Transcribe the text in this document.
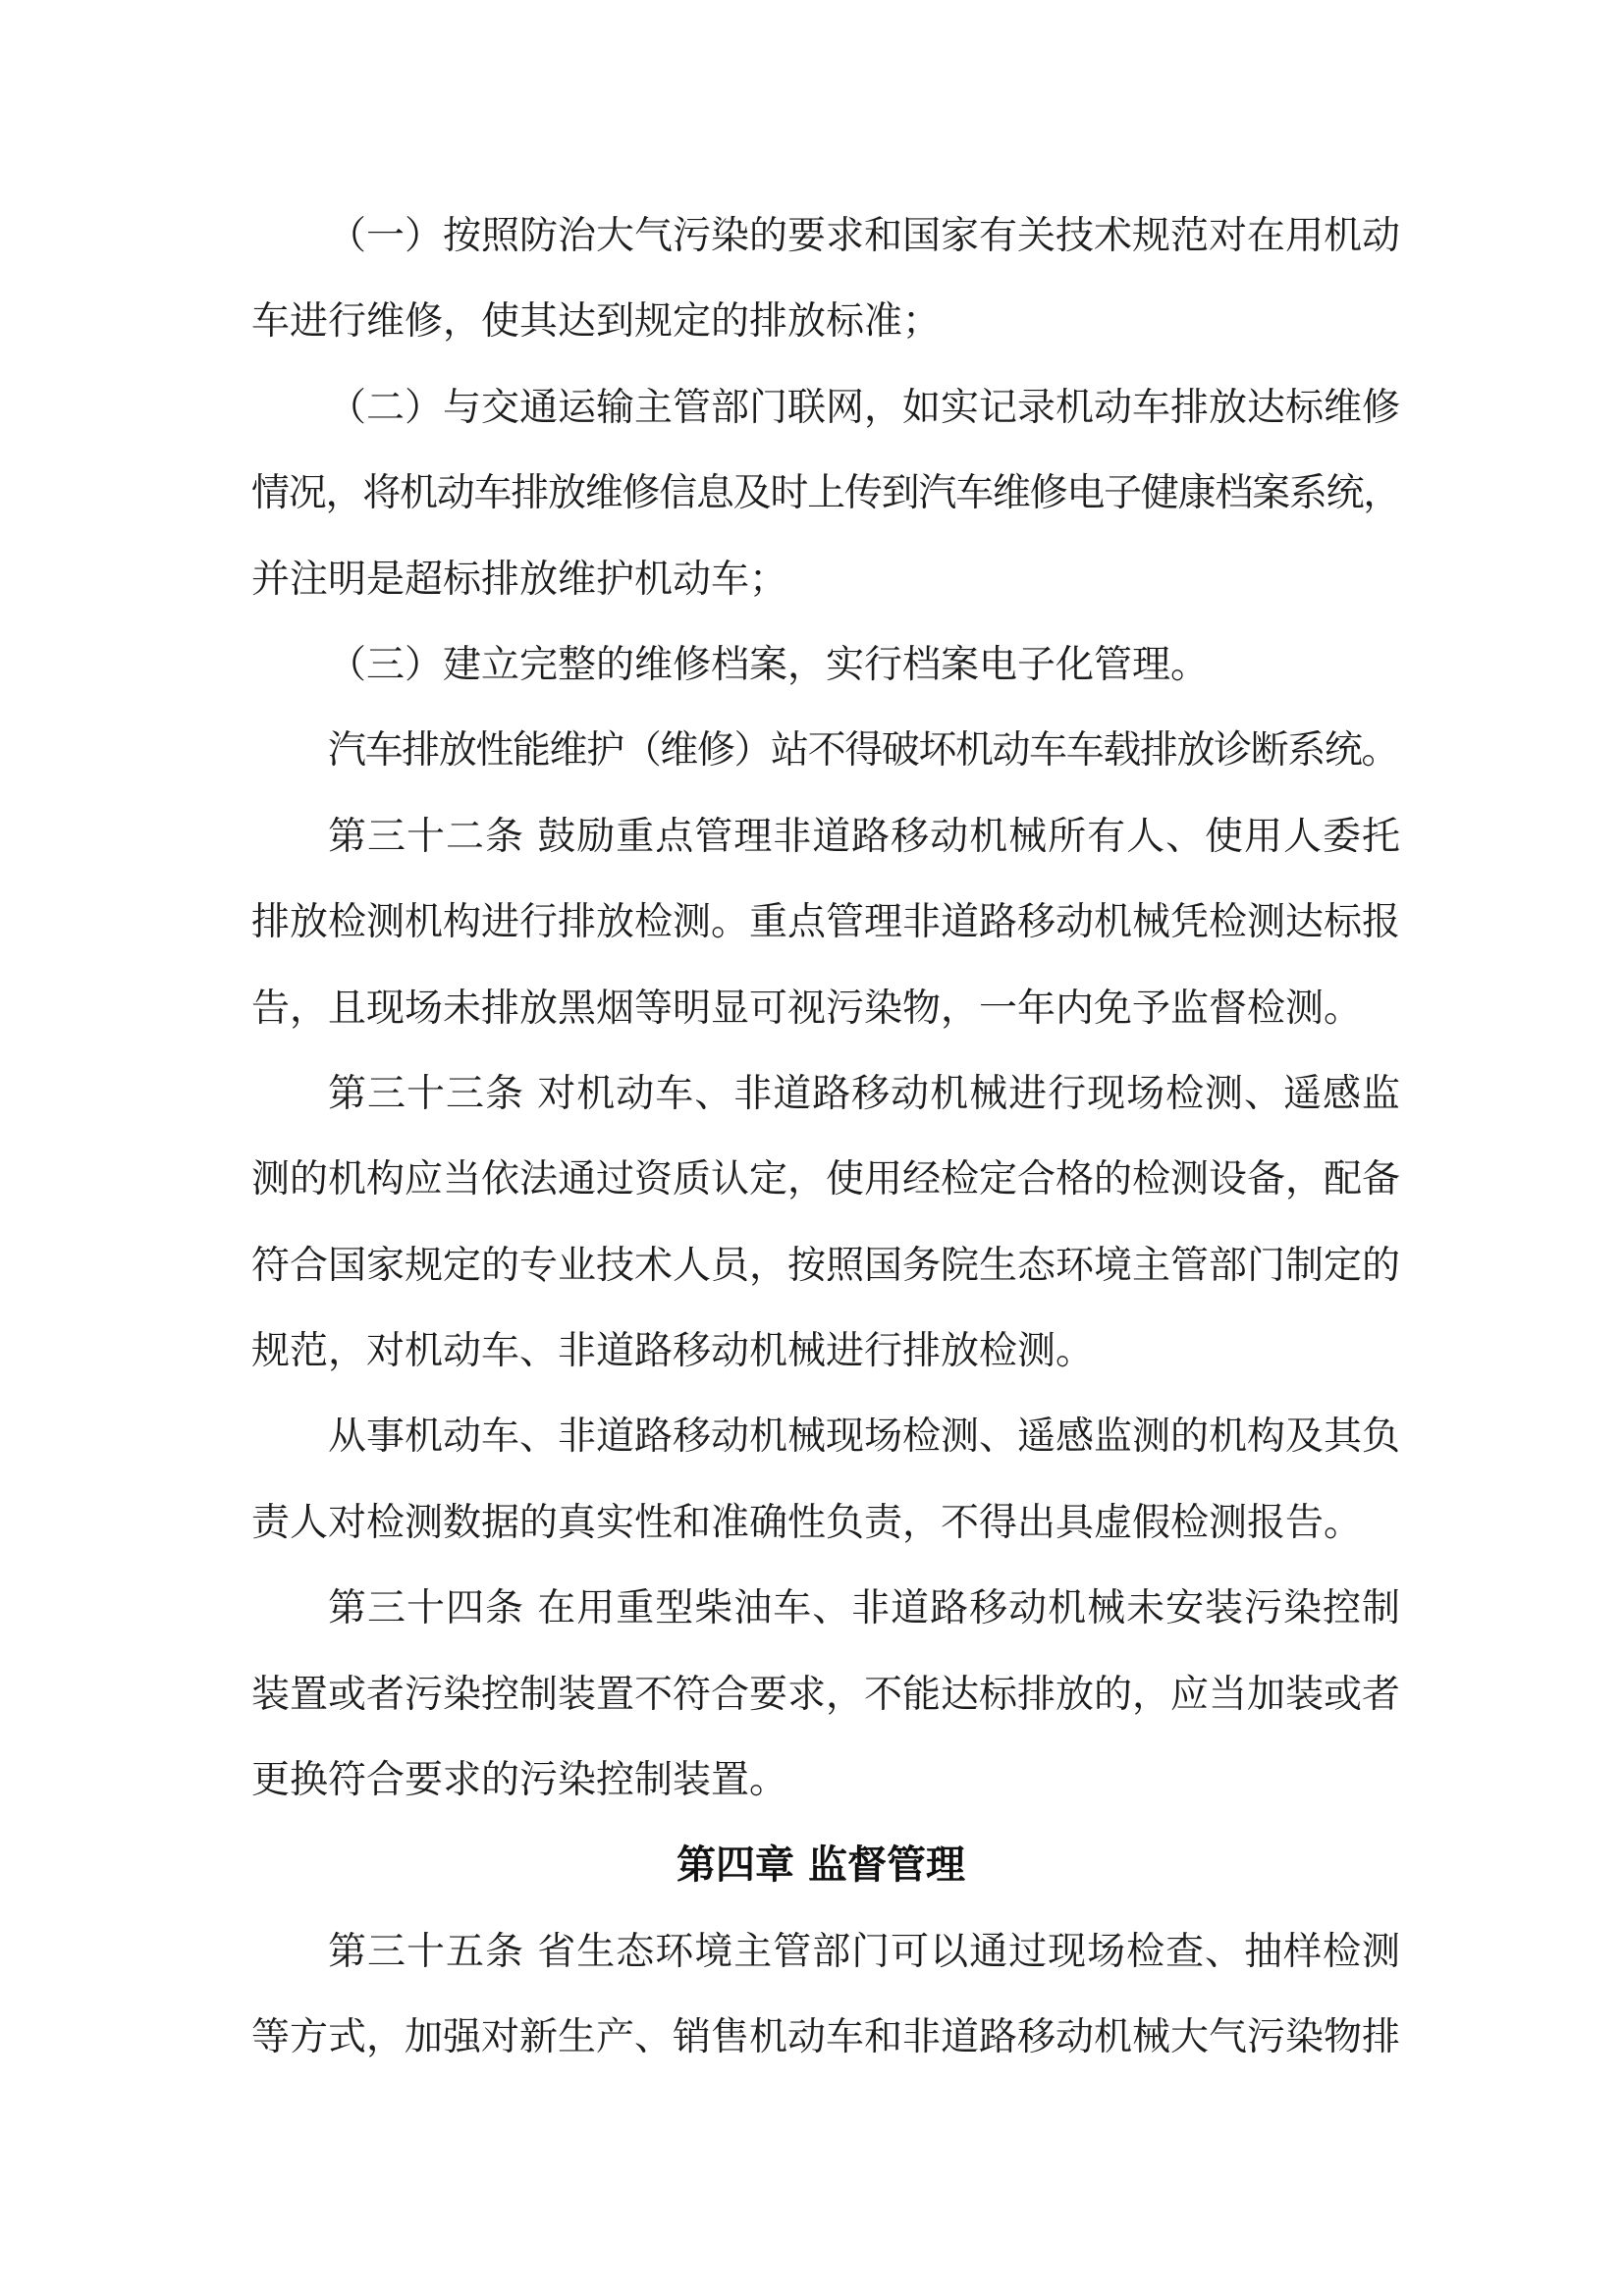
（一）按照防治大气污染的要求和国家有关技术规范对在用机动
车进行维修，使其达到规定的排放标准；
（二）与交通运输主管部门联网，如实记录机动车排放达标维修
情况，将机动车排放维修信息及时上传到汽车维修电子健康档案系统，
并注明是超标排放维护机动车；
（三）建立完整的维修档案，实行档案电子化管理。
汽车排放性能维护（维修）站不得破坏机动车车载排放诊断系统。
第三十二条 鼓励重点管理非道路移动机械所有人、使用人委托
排放检测机构进行排放检测。重点管理非道路移动机械凭检测达标报
告，且现场未排放黑烟等明显可视污染物，一年内免予监督检测。
第三十三条 对机动车、非道路移动机械进行现场检测、遥感监
测的机构应当依法通过资质认定，使用经检定合格的检测设备，配备
符合国家规定的专业技术人员，按照国务院生态环境主管部门制定的
规范，对机动车、非道路移动机械进行排放检测。
从事机动车、非道路移动机械现场检测、遥感监测的机构及其负
责人对检测数据的真实性和准确性负责，不得出具虚假检测报告。
第三十四条 在用重型柴油车、非道路移动机械未安装污染控制
装置或者污染控制装置不符合要求，不能达标排放的，应当加装或者
更换符合要求的污染控制装置。
第四章 监督管理
第三十五条 省生态环境主管部门可以通过现场检查、抽样检测
等方式，加强对新生产、销售机动车和非道路移动机械大气污染物排
